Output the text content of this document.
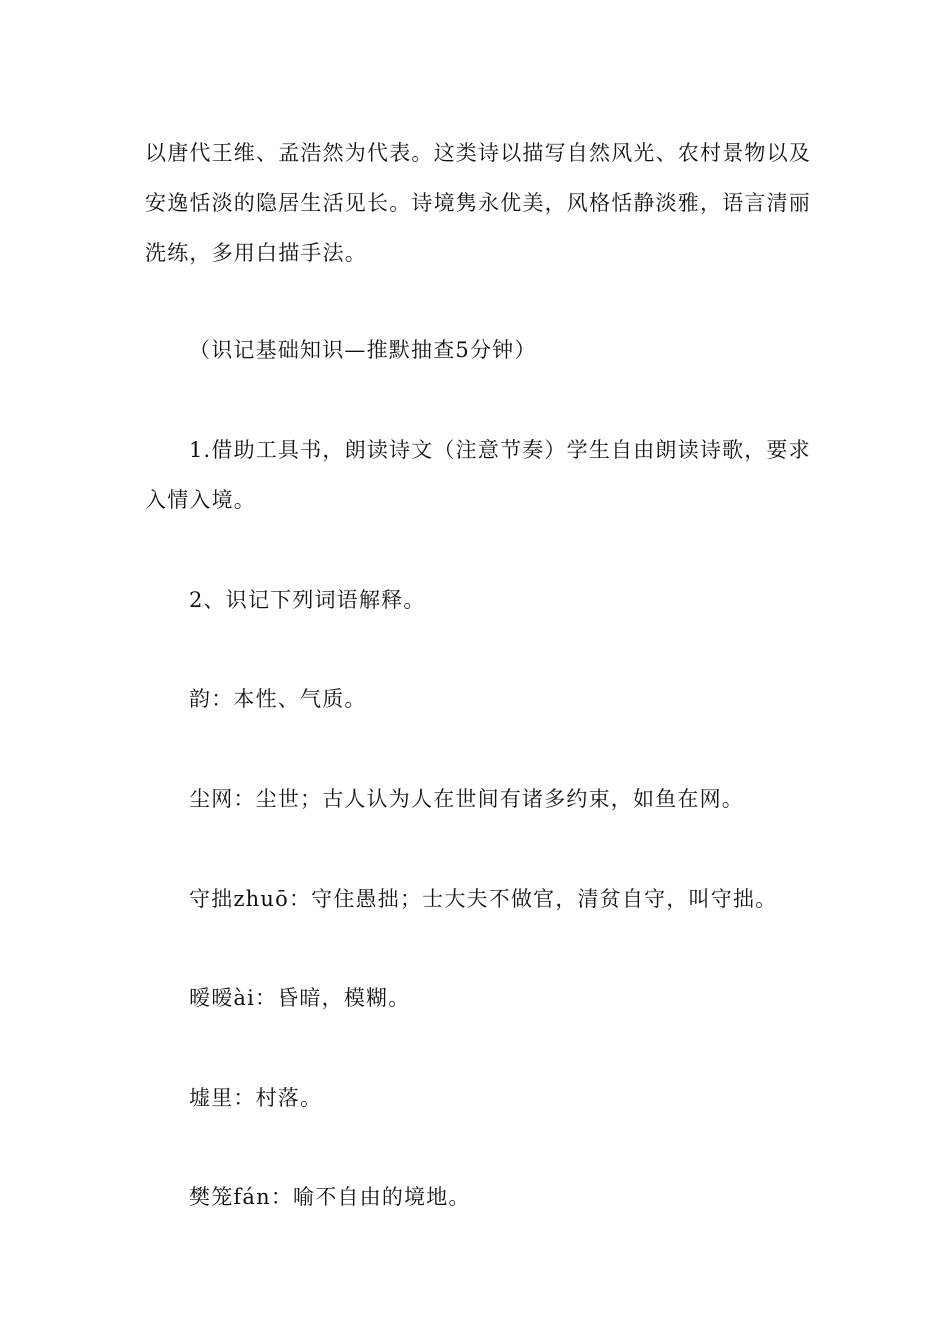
以唐代王维、孟浩然为代表。这类诗以描写自然风光、农村景物以及安逸恬淡的隐居生活见长。诗境隽永优美，风格恬静淡雅，语言清丽洗练，多用白描手法。

（识记基础知识—推默抽查5分钟）

1.借助工具书，朗读诗文（注意节奏）学生自由朗读诗歌，要求入情入境。

2、识记下列词语解释。

韵：本性、气质。

尘网：尘世；古人认为人在世间有诸多约束，如鱼在网。

守拙zhuō：守住愚拙；士大夫不做官，清贫自守，叫守拙。

暧暧ài：昏暗，模糊。

墟里：村落。

樊笼fán：喻不自由的境地。
